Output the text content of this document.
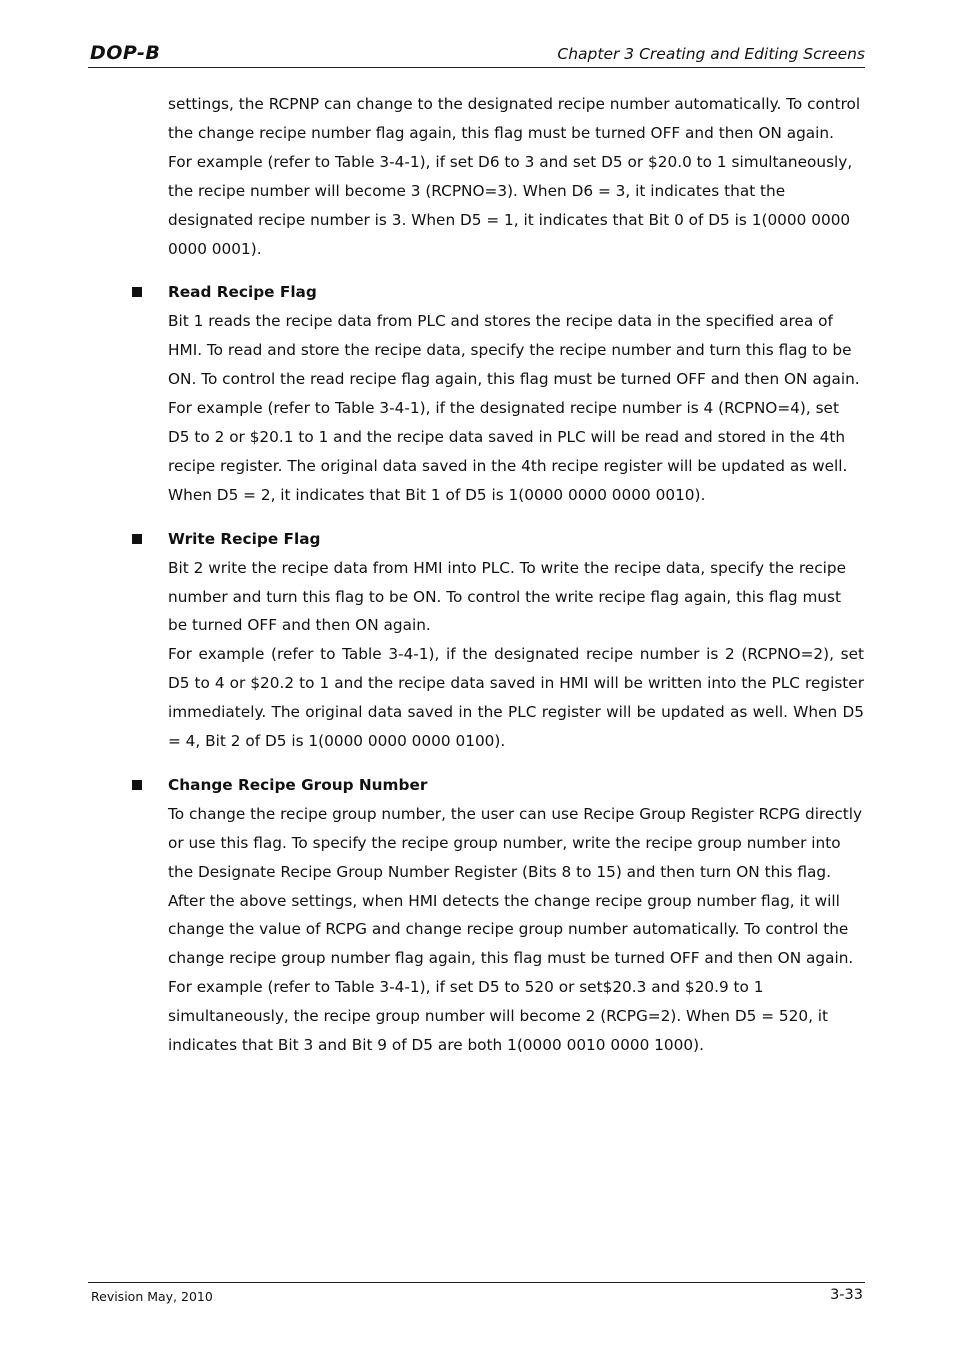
DOP-B	Chapter 3 Creating and Editing Screens

settings, the RCPNP can change to the designated recipe number automatically. To control the change recipe number flag again, this flag must be turned OFF and then ON again.

For example (refer to Table 3-4-1), if set D6 to 3 and set D5 or $20.0 to 1 simultaneously, the recipe number will become 3 (RCPNO=3). When D6 = 3, it indicates that the designated recipe number is 3. When D5 = 1, it indicates that Bit 0 of D5 is 1(0000 0000 0000 0001).

Read Recipe Flag

Bit 1 reads the recipe data from PLC and stores the recipe data in the specified area of HMI. To read and store the recipe data, specify the recipe number and turn this flag to be ON. To control the read recipe flag again, this flag must be turned OFF and then ON again.

For example (refer to Table 3-4-1), if the designated recipe number is 4 (RCPNO=4), set D5 to 2 or $20.1 to 1 and the recipe data saved in PLC will be read and stored in the 4th recipe register. The original data saved in the 4th recipe register will be updated as well. When D5 = 2, it indicates that Bit 1 of D5 is 1(0000 0000 0000 0010).

Write Recipe Flag

Bit 2 write the recipe data from HMI into PLC. To write the recipe data, specify the recipe number and turn this flag to be ON. To control the write recipe flag again, this flag must be turned OFF and then ON again.

For example (refer to Table 3-4-1), if the designated recipe number is 2 (RCPNO=2), set D5 to 4 or $20.2 to 1 and the recipe data saved in HMI will be written into the PLC register immediately. The original data saved in the PLC register will be updated as well. When D5 = 4, Bit 2 of D5 is 1(0000 0000 0000 0100).

Change Recipe Group Number

To change the recipe group number, the user can use Recipe Group Register RCPG directly or use this flag. To specify the recipe group number, write the recipe group number into the Designate Recipe Group Number Register (Bits 8 to 15) and then turn ON this flag. After the above settings, when HMI detects the change recipe group number flag, it will change the value of RCPG and change recipe group number automatically. To control the change recipe group number flag again, this flag must be turned OFF and then ON again.

For example (refer to Table 3-4-1), if set D5 to 520 or set$20.3 and $20.9 to 1 simultaneously, the recipe group number will become 2 (RCPG=2). When D5 = 520, it indicates that Bit 3 and Bit 9 of D5 are both 1(0000 0010 0000 1000).

Revision May, 2010	3-33
